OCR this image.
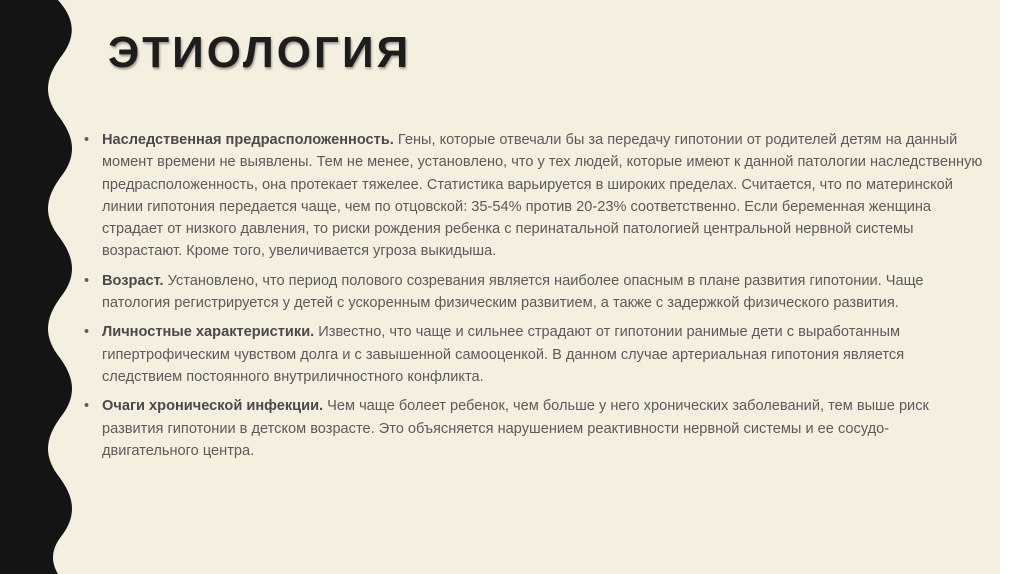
ЭТИОЛОГИЯ
• Наследственная предрасположенность. Гены, которые отвечали бы за передачу гипотонии от родителей детям на данный момент времени не выявлены. Тем не менее, установлено, что у тех людей, которые имеют к данной патологии наследственную предрасположенность, она протекает тяжелее. Статистика варьируется в широких пределах. Считается, что по материнской линии гипотония передается чаще, чем по отцовской: 35-54% против 20-23% соответственно. Если беременная женщина страдает от низкого давления, то риски рождения ребенка с перинатальной патологией центральной нервной системы возрастают. Кроме того, увеличивается угроза выкидыша.
• Возраст. Установлено, что период полового созревания является наиболее опасным в плане развития гипотонии. Чаще патология регистрируется у детей с ускоренным физическим развитием, а также с задержкой физического развития.
• Личностные характеристики. Известно, что чаще и сильнее страдают от гипотонии ранимые дети с выработанным гипертрофическим чувством долга и с завышенной самооценкой. В данном случае артериальная гипотония является следствием постоянного внутриличностного конфликта.
• Очаги хронической инфекции. Чем чаще болеет ребенок, чем больше у него хронических заболеваний, тем выше риск развития гипотонии в детском возрасте. Это объясняется нарушением реактивности нервной системы и ее сосудо-двигательного центра.
